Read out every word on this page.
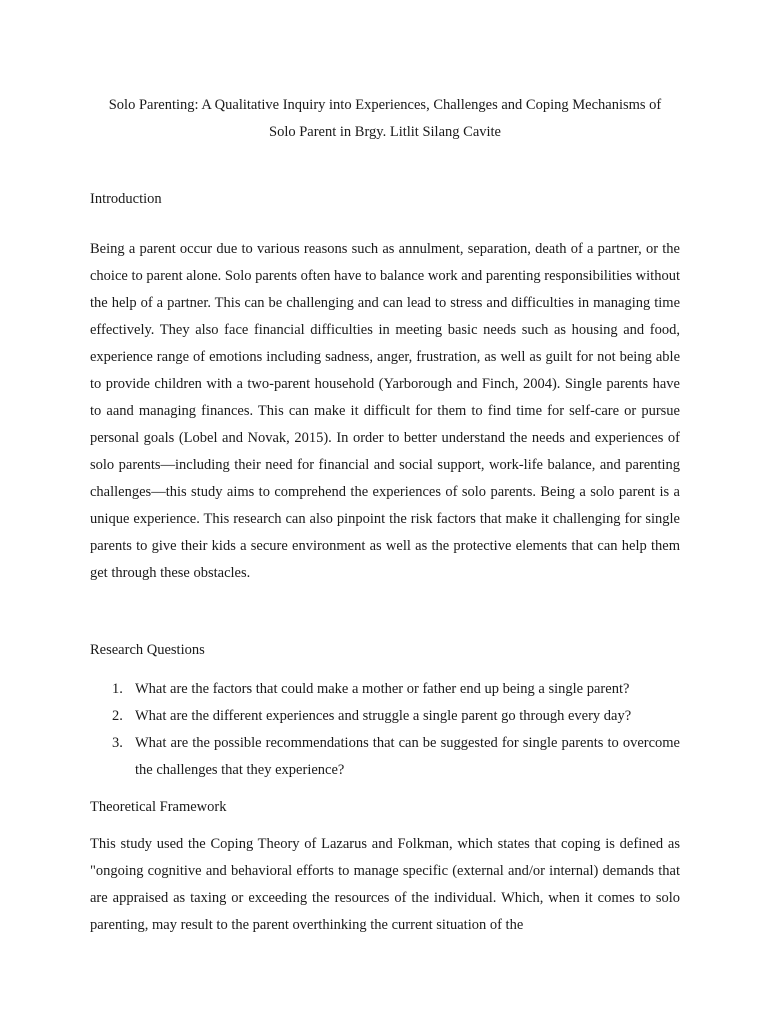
Solo Parenting: A Qualitative Inquiry into Experiences, Challenges and Coping Mechanisms of
Solo Parent in Brgy. Litlit Silang Cavite

Introduction

Being a parent occur due to various reasons such as annulment, separation, death of a partner, or the choice to parent alone. Solo parents often have to balance work and parenting responsibilities without the help of a partner. This can be challenging and can lead to stress and difficulties in managing time effectively. They also face financial difficulties in meeting basic needs such as housing and food, experience range of emotions including sadness, anger, frustration, as well as guilt for not being able to provide children with a two-parent household (Yarborough and Finch, 2004). Single parents have to aand managing finances. This can make it difficult for them to find time for self-care or pursue personal goals (Lobel and Novak, 2015). In order to better understand the needs and experiences of solo parents—including their need for financial and social support, work-life balance, and parenting challenges—this study aims to comprehend the experiences of solo parents. Being a solo parent is a unique experience. This research can also pinpoint the risk factors that make it challenging for single parents to give their kids a secure environment as well as the protective elements that can help them get through these obstacles.

Research Questions

1. What are the factors that could make a mother or father end up being a single parent?
2. What are the different experiences and struggle a single parent go through every day?
3. What are the possible recommendations that can be suggested for single parents to overcome the challenges that they experience?

Theoretical Framework

This study used the Coping Theory of Lazarus and Folkman, which states that coping is defined as "ongoing cognitive and behavioral efforts to manage specific (external and/or internal) demands that are appraised as taxing or exceeding the resources of the individual. Which, when it comes to solo parenting, may result to the parent overthinking the current situation of the
